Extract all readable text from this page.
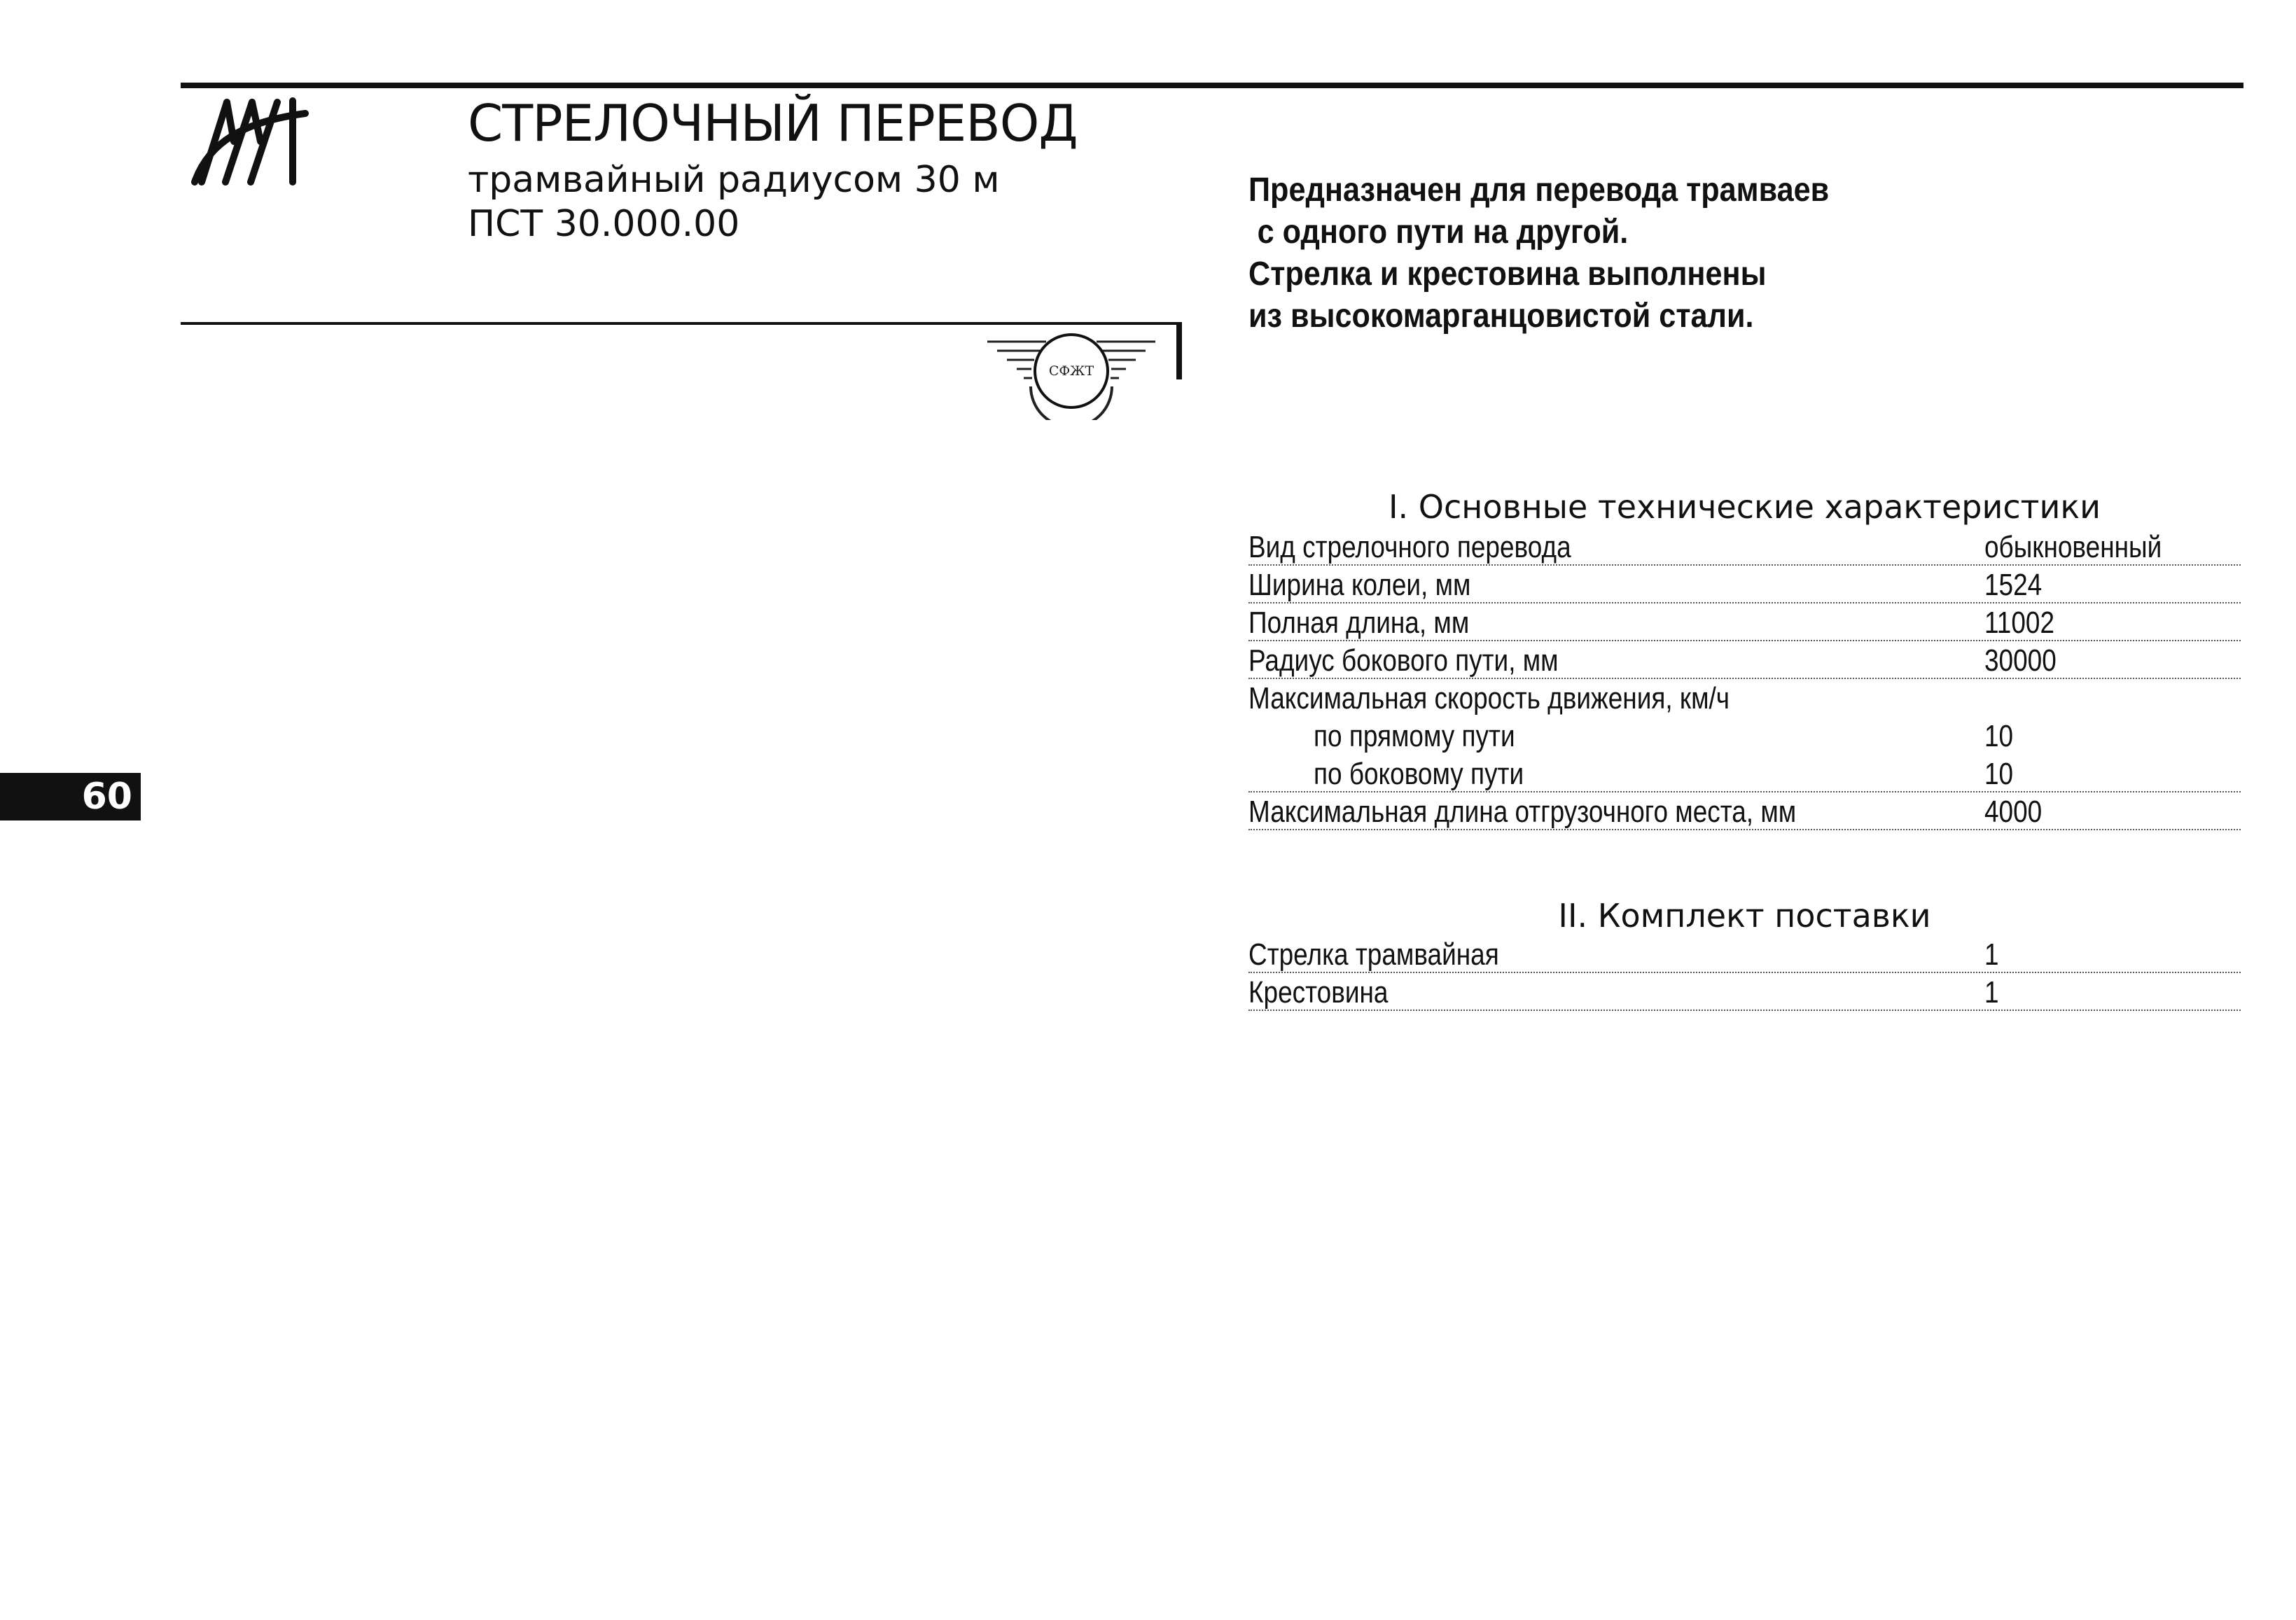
СТРЕЛОЧНЫЙ ПЕРЕВОД
трамвайный радиусом 30 м
ПСТ 30.000.00
СФЖТ
Предназначен для перевода трамваев
с одного пути на другой.
Стрелка и крестовина выполнены
из высокомарганцовистой стали.
I. Основные технические характеристики
Вид стрелочного перевода	обыкновенный
Ширина колеи, мм	1524
Полная длина, мм	11002
Радиус бокового пути, мм	30000
Максимальная скорость движения, км/ч
по прямому пути	10
по боковому пути	10
Максимальная длина отгрузочного места, мм	4000
II. Комплект поставки
Стрелка трамвайная	1
Крестовина	1
60
